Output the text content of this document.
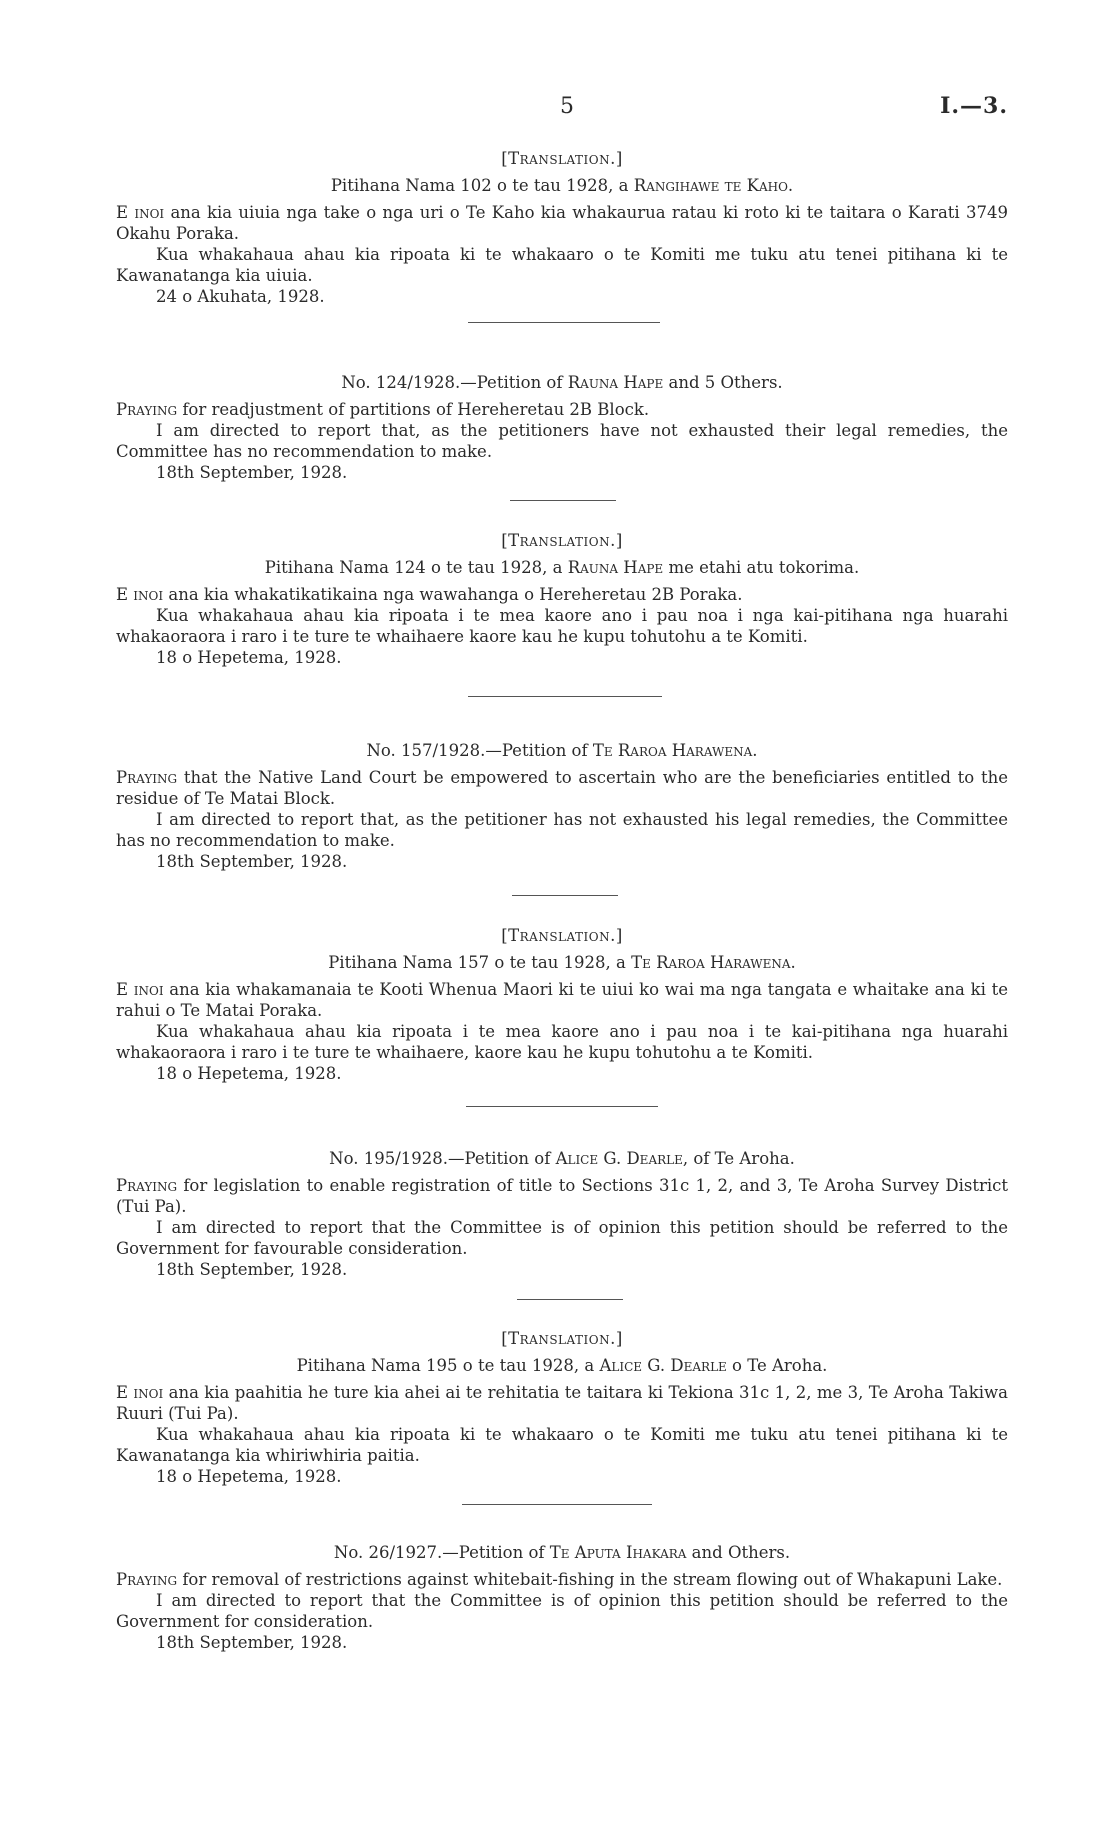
5	I.—3.

[Translation.]

Pitihana Nama 102 o te tau 1928, a Rangihawe te Kaho.

E inoi ana kia uiuia nga take o nga uri o Te Kaho kia whakaurua ratau ki roto ki te taitara o Karati 3749 Okahu Poraka.

Kua whakahaua ahau kia ripoata ki te whakaaro o te Komiti me tuku atu tenei pitihana ki te Kawanatanga kia uiuia.

24 o Akuhata, 1928.

No. 124/1928.—Petition of Rauna Hape and 5 Others.

Praying for readjustment of partitions of Hereheretau 2B Block.

I am directed to report that, as the petitioners have not exhausted their legal remedies, the Committee has no recommendation to make.

18th September, 1928.

[Translation.]

Pitihana Nama 124 o te tau 1928, a Rauna Hape me etahi atu tokorima.

E inoi ana kia whakatikatikaina nga wawahanga o Hereheretau 2B Poraka.

Kua whakahaua ahau kia ripoata i te mea kaore ano i pau noa i nga kai-pitihana nga huarahi whakaoraora i raro i te ture te whaihaere kaore kau he kupu tohutohu a te Komiti.

18 o Hepetema, 1928.

No. 157/1928.—Petition of Te Raroa Harawena.

Praying that the Native Land Court be empowered to ascertain who are the beneficiaries entitled to the residue of Te Matai Block.

I am directed to report that, as the petitioner has not exhausted his legal remedies, the Committee has no recommendation to make.

18th September, 1928.

[Translation.]

Pitihana Nama 157 o te tau 1928, a Te Raroa Harawena.

E inoi ana kia whakamanaia te Kooti Whenua Maori ki te uiui ko wai ma nga tangata e whaitake ana ki te rahui o Te Matai Poraka.

Kua whakahaua ahau kia ripoata i te mea kaore ano i pau noa i te kai-pitihana nga huarahi whakaoraora i raro i te ture te whaihaere, kaore kau he kupu tohutohu a te Komiti.

18 o Hepetema, 1928.

No. 195/1928.—Petition of Alice G. Dearle, of Te Aroha.

Praying for legislation to enable registration of title to Sections 31c 1, 2, and 3, Te Aroha Survey District (Tui Pa).

I am directed to report that the Committee is of opinion this petition should be referred to the Government for favourable consideration.

18th September, 1928.

[Translation.]

Pitihana Nama 195 o te tau 1928, a Alice G. Dearle o Te Aroha.

E inoi ana kia paahitia he ture kia ahei ai te rehitatia te taitara ki Tekiona 31c 1, 2, me 3, Te Aroha Takiwa Ruuri (Tui Pa).

Kua whakahaua ahau kia ripoata ki te whakaaro o te Komiti me tuku atu tenei pitihana ki te Kawanatanga kia whiriwhiria paitia.

18 o Hepetema, 1928.

No. 26/1927.—Petition of Te Aputa Ihakara and Others.

Praying for removal of restrictions against whitebait-fishing in the stream flowing out of Whakapuni Lake.

I am directed to report that the Committee is of opinion this petition should be referred to the Government for consideration.

18th September, 1928.
